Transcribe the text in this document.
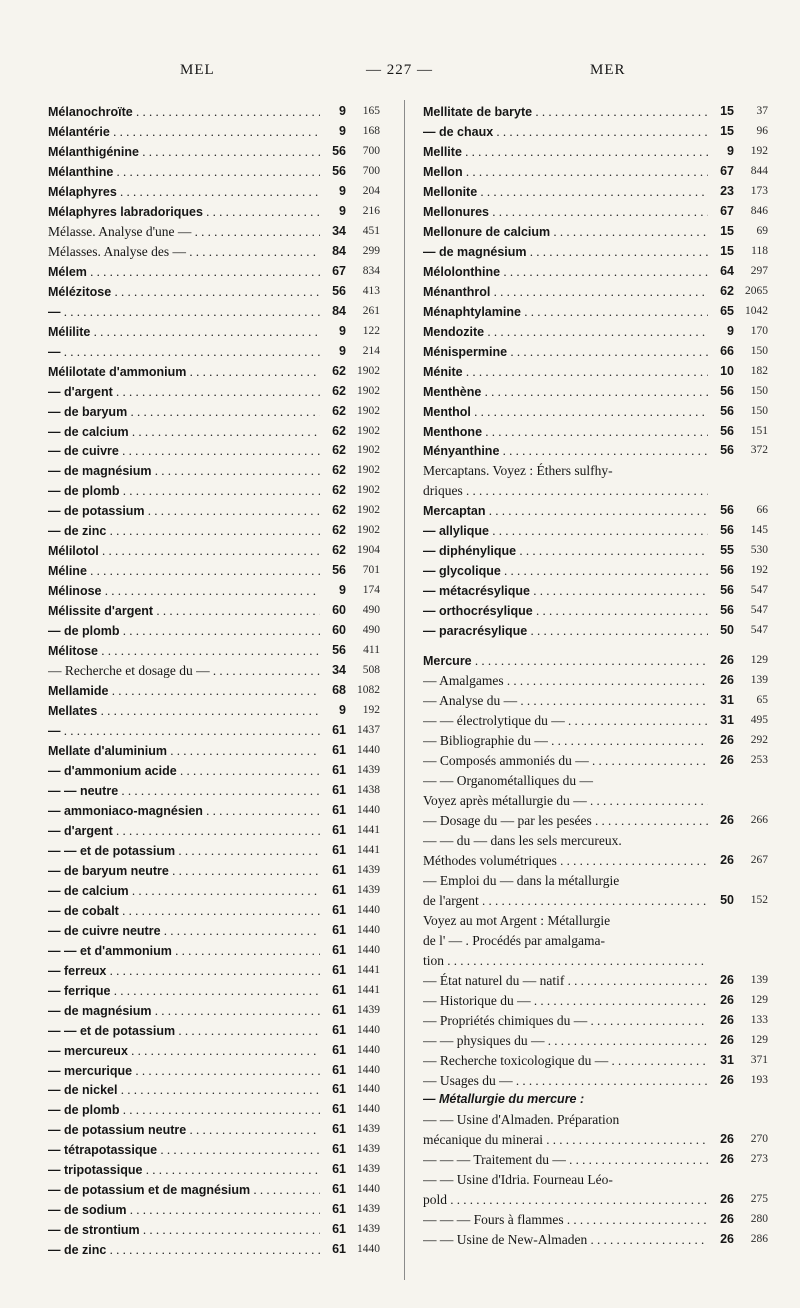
MEL	— 227 —	MER
Mélanochroïte . . .	9	165
Mélantérie . . .	9	168
Mélanthigénine . . .	56	700
Mélanthine . . .	56	700
Mélaphyres . . .	9	204
Mélaphyres labradoriques . . .	9	216
Mélasse. Analyse d'une — . . .	34	451
Mélasses. Analyse des — . . .	84	299
Mélem . . .	67	834
Mélézitose . . .	56	413
— . . .	84	261
Mélilite . . .	9	122
— . . .	9	214
Mélilotate d'ammonium . . .	62 1902
— d'argent . . .	62 1902
— de baryum . . .	62 1902
— de calcium . . .	62 1902
— de cuivre . . .	62 1902
— de magnésium . . .	62 1902
— de plomb . . .	62 1902
— de potassium . . .	62 1902
— de zinc . . .	62 1902
Mélilotol . . .	62 1904
Méline . . .	56	701
Mélinose . . .	9	174
Mélissite d'argent . . .	60	490
— de plomb . . .	60	490
Mélitose . . .	56	411
— Recherche et dosage du — . . .	34	508
Mellamide . . .	68 1082
Mellates . . .	9	192
— . . .	61 1437
Mellate d'aluminium . . .	61 1440
— d'ammonium acide . . .	61 1439
— — neutre . . .	61 1438
— ammoniaco-magnésien . . .	61 1440
— d'argent . . .	61 1441
— — et de potassium . . .	61 1441
— de baryum neutre . . .	61 1439
— de calcium . . .	61 1439
— de cobalt . . .	61 1440
— de cuivre neutre . . .	61 1440
— — et d'ammonium . . .	61 1440
— ferreux . . .	61 1441
— ferrique . . .	61 1441
— de magnésium . . .	61 1439
— — et de potassium . . .	61 1440
— mercureux . . .	61 1440
— mercurique . . .	61 1440
— de nickel . . .	61 1440
— de plomb . . .	61 1440
— de potassium neutre . . .	61 1439
— tétrapotassique . . .	61 1439
— tripotassique . . .	61 1439
— de potassium et de magnésium . . .	61 1440
— de sodium . . .	61 1439
— de strontium . . .	61 1439
— de zinc . . .	61 1440
Mellitate de baryte . . .	15	37
— de chaux . . .	15	96
Mellite . . .	9	192
Mellon . . .	67	844
Mellonite . . .	23	173
Mellonures . . .	67	846
Mellonure de calcium . . .	15	69
— de magnésium . . .	15	118
Mélolonthine . . .	64	297
Ménanthrol . . .	62 2065
Ménaphtylamine . . .	65 1042
Mendozite . . .	9	170
Ménispermine . . .	66	150
Ménite . . .	10	182
Menthène . . .	56	150
Menthol . . .	56	150
Menthone . . .	56	151
Ményanthine . . .	56	372
Mercaptans. Voyez : Éthers sulfhy-
driques . . .
Mercaptan . . .	56	66
— allylique . . .	56	145
— diphénylique . . .	55	530
— glycolique . . .	56	192
— métacrésylique . . .	56	547
— orthocrésylique . . .	56	547
— paracrésylique . . .	50	547
Mercure . . .	26	129
— Amalgames . . .	26	139
— Analyse du — . . .	31	65
— — électrolytique du — . . .	31	495
— Bibliographie du — . . .	26	292
— Composés ammoniés du — . . .	26	253
— — Organométalliques du —
Voyez après métallurgie du — . . .
— Dosage du — par les pesées . . .	26	266
— — du — dans les sels mercureux.
Méthodes volumétriques . . .	26	267
— Emploi du — dans la métallurgie
de l'argent . . .	50	152
Voyez au mot Argent : Métallurgie
de l' — . Procédés par amalgama-
tion . . .
— État naturel du — natif . . .	26	139
— Historique du — . . .	26	129
— Propriétés chimiques du — . . .	26	133
— — physiques du — . . .	26	129
— Recherche toxicologique du — . . .	31	371
— Usages du — . . .	26	193
— Métallurgie du mercure :
— — Usine d'Almaden. Préparation
mécanique du minerai . . .	26	270
— — — Traitement du — . . .	26	273
— — Usine d'Idria. Fourneau Léo-
pold . . .	26	275
— — — Fours à flammes . . .	26	280
— — Usine de New-Almaden . . .	26	286
